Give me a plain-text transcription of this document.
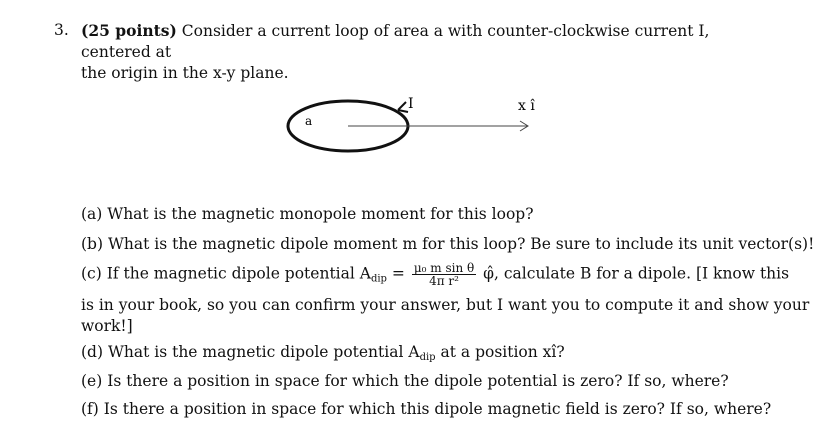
3. (25 points) Consider a current loop of area a with counter-clockwise current I, centered at
the origin in the x-y plane.
a
I	x î
(a) What is the magnetic monopole moment for this loop?
(b) What is the magnetic dipole moment m for this loop? Be sure to include its unit vector(s)!
(c) If the magnetic dipole potential $A_{dip} = \frac{\text{μ₀ m sin θ}}{\text{4π r²}}$ φ̂, calculate B for a dipole. [I know this
is in your book, so you can confirm your answer, but I want you to compute it and show your
work!]
(d) What is the magnetic dipole potential $A_{dip}$ at a position xî?
(e) Is there a position in space for which the dipole potential is zero? If so, where?
(f) Is there a position in space for which this dipole magnetic field is zero? If so, where?
